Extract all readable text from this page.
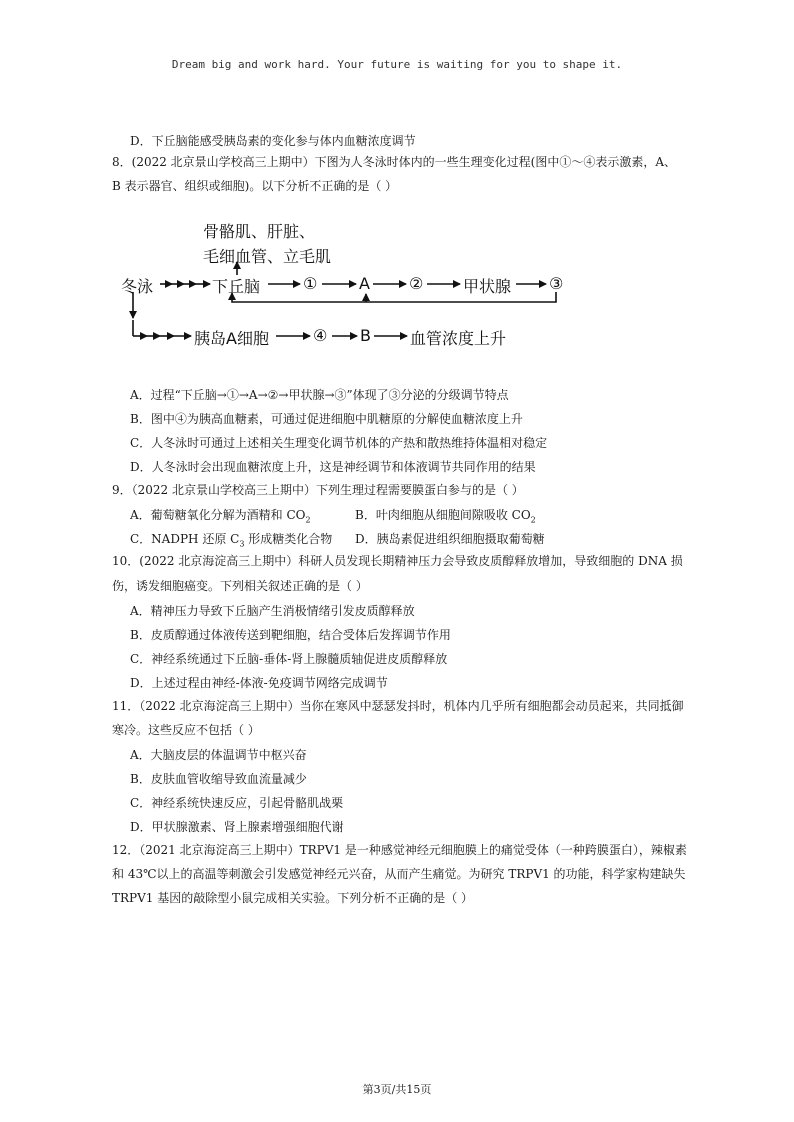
Dream big and work hard. Your future is waiting for you to shape it.
D．下丘脑能感受胰岛素的变化参与体内血糖浓度调节
8．(2022 北京景山学校高三上期中）下图为人冬泳时体内的一些生理变化过程(图中①～④表示激素，A、
B 表示器官、组织或细胞)。以下分析不正确的是（ ）
骨骼肌、肝脏、
毛细血管、立毛肌
冬泳	下丘脑	①	A ② 甲状腺 ③
胰岛A细胞	④ B 血管浓度上升
A．过程“下丘脑→①→A→②→甲状腺→③”体现了③分泌的分级调节特点
B．图中④为胰高血糖素，可通过促进细胞中肌糖原的分解使血糖浓度上升
C．人冬泳时可通过上述相关生理变化调节机体的产热和散热维持体温相对稳定
D．人冬泳时会出现血糖浓度上升，这是神经调节和体液调节共同作用的结果
9．（2022 北京景山学校高三上期中）下列生理过程需要膜蛋白参与的是（ ）
A．葡萄糖氧化分解为酒精和 $CO_2$	B．叶肉细胞从细胞间隙吸收 $CO_2$
C．NADPH 还原 $C_3$ 形成糖类化合物 D．胰岛素促进组织细胞摄取葡萄糖
10．(2022 北京海淀高三上期中）科研人员发现长期精神压力会导致皮质醇释放增加，导致细胞的 DNA 损
伤，诱发细胞癌变。下列相关叙述正确的是（ ）
A．精神压力导致下丘脑产生消极情绪引发皮质醇释放
B．皮质醇通过体液传送到靶细胞，结合受体后发挥调节作用
C．神经系统通过下丘脑-垂体-肾上腺髓质轴促进皮质醇释放
D．上述过程由神经-体液-免疫调节网络完成调节
11．（2022 北京海淀高三上期中）当你在寒风中瑟瑟发抖时，机体内几乎所有细胞都会动员起来，共同抵御
寒冷。这些反应不包括（ ）
A．大脑皮层的体温调节中枢兴奋
B．皮肤血管收缩导致血流量减少
C．神经系统快速反应，引起骨骼肌战栗
D．甲状腺激素、肾上腺素增强细胞代谢
12．（2021 北京海淀高三上期中）TRPV1 是一种感觉神经元细胞膜上的痛觉受体（一种跨膜蛋白），辣椒素
和 43℃以上的高温等刺激会引发感觉神经元兴奋，从而产生痛觉。为研究 TRPV1 的功能，科学家构建缺失
TRPV1 基因的敲除型小鼠完成相关实验。下列分析不正确的是（ ）
第3页/共15页
